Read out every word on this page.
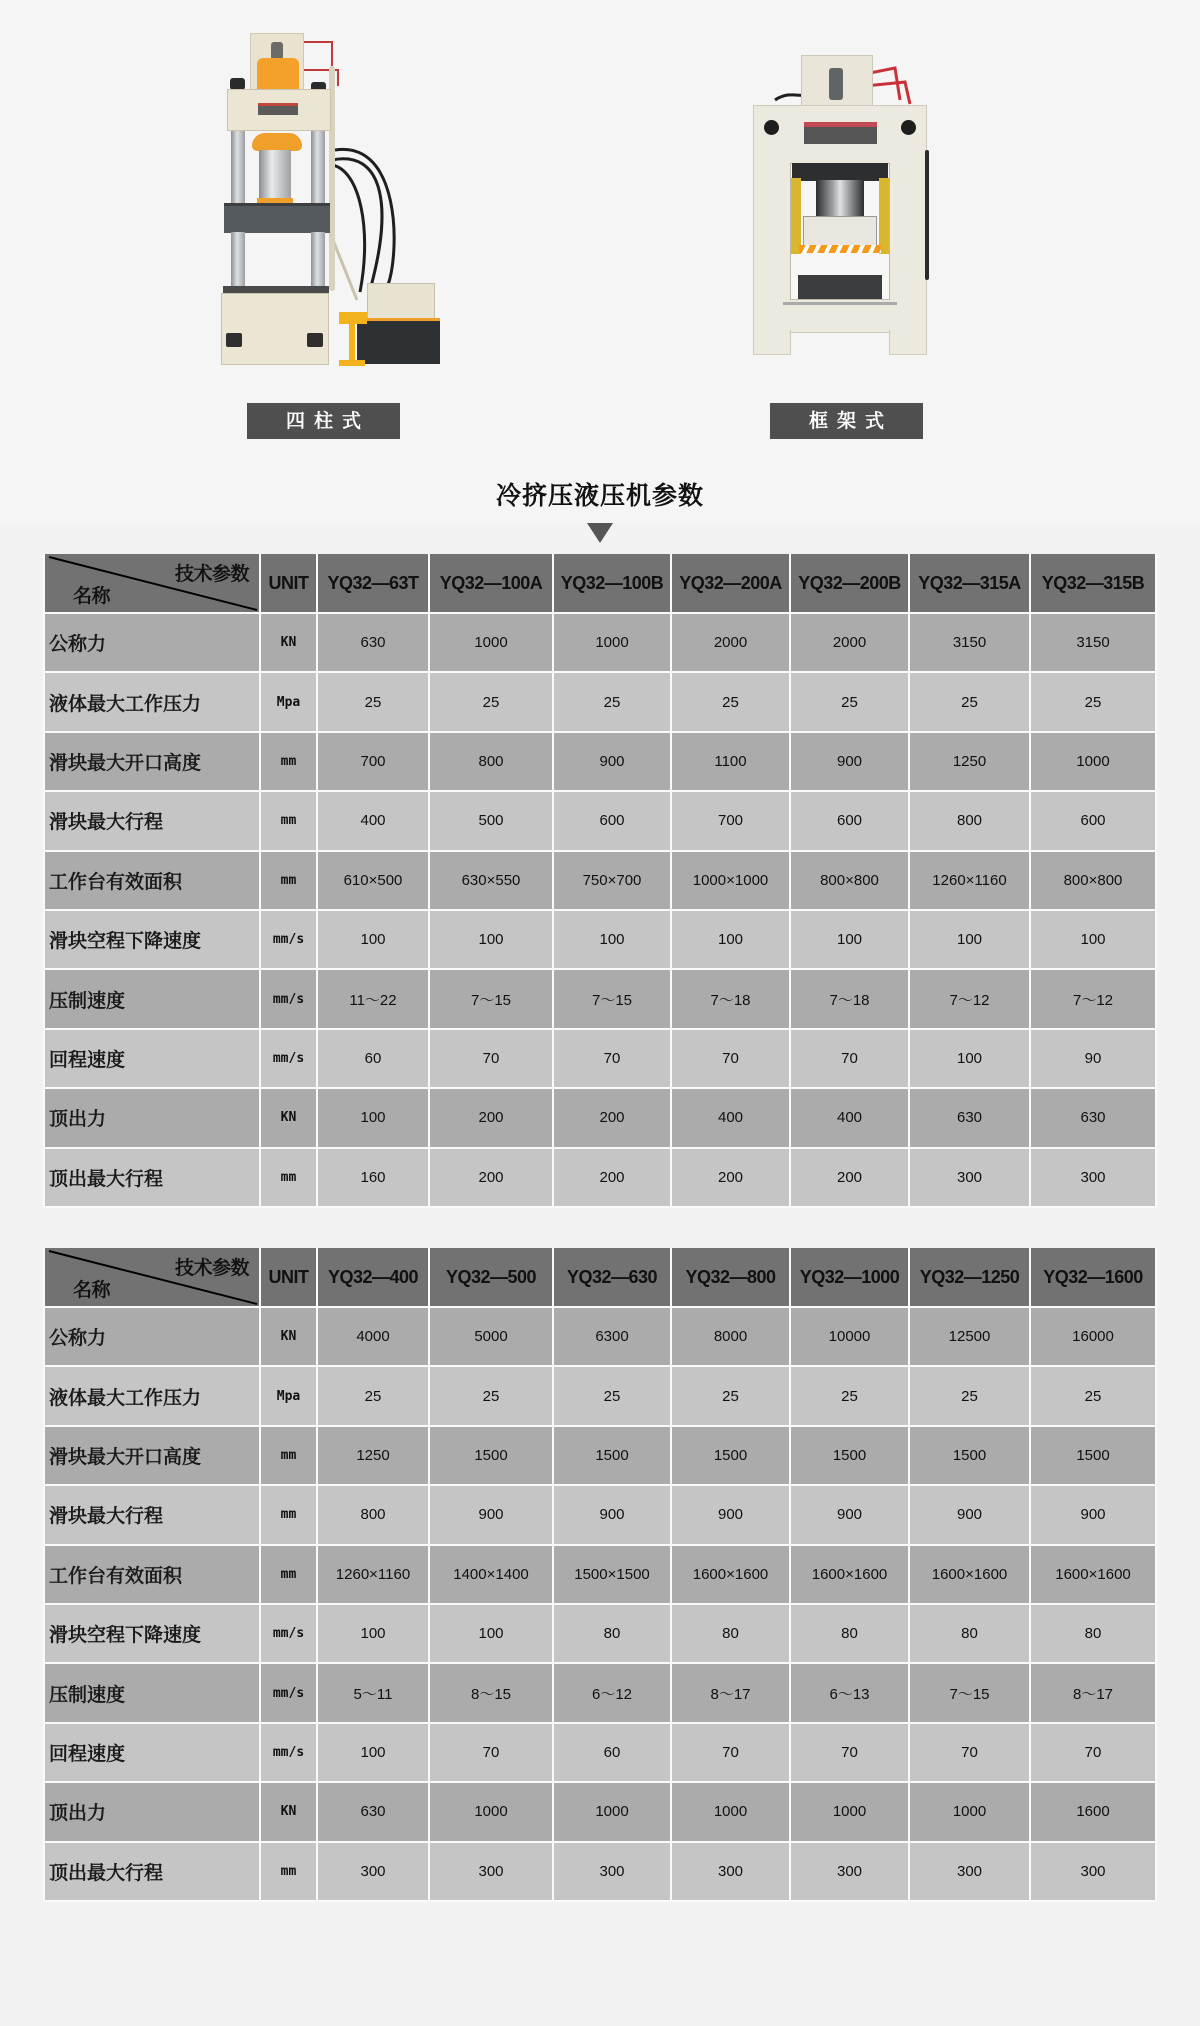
四柱式	框架式
冷挤压液压机参数
技术参数
名称	UNIT	YQ32—63T	YQ32—100A	YQ32—100B	YQ32—200A	YQ32—200B	YQ32—315A	YQ32—315B
公称力	KN	630	1000	1000	2000	2000	3150	3150
液体最大工作压力	Mpa	25	25	25	25	25	25	25
滑块最大开口高度	mm	700	800	900	1100	900	1250	1000
滑块最大行程	mm	400	500	600	700	600	800	600
工作台有效面积	mm	610×500	630×550	750×700	1000×1000	800×800	1260×1160	800×800
滑块空程下降速度	mm/s	100	100	100	100	100	100	100
压制速度	mm/s	11～22	7～15	7～15	7～18	7～18	7～12	7～12
回程速度	mm/s	60	70	70	70	70	100	90
顶出力	KN	100	200	200	400	400	630	630
顶出最大行程	mm	160	200	200	200	200	300	300
技术参数
名称	UNIT	YQ32—400	YQ32—500	YQ32—630	YQ32—800	YQ32—1000	YQ32—1250	YQ32—1600
公称力	KN	4000	5000	6300	8000	10000	12500	16000
液体最大工作压力	Mpa	25	25	25	25	25	25	25
滑块最大开口高度	mm	1250	1500	1500	1500	1500	1500	1500
滑块最大行程	mm	800	900	900	900	900	900	900
工作台有效面积	mm	1260×1160	1400×1400	1500×1500	1600×1600	1600×1600	1600×1600	1600×1600
滑块空程下降速度	mm/s	100	100	80	80	80	80	80
压制速度	mm/s	5～11	8～15	6～12	8～17	6～13	7～15	8～17
回程速度	mm/s	100	70	60	70	70	70	70
顶出力	KN	630	1000	1000	1000	1000	1000	1600
顶出最大行程	mm	300	300	300	300	300	300	300
